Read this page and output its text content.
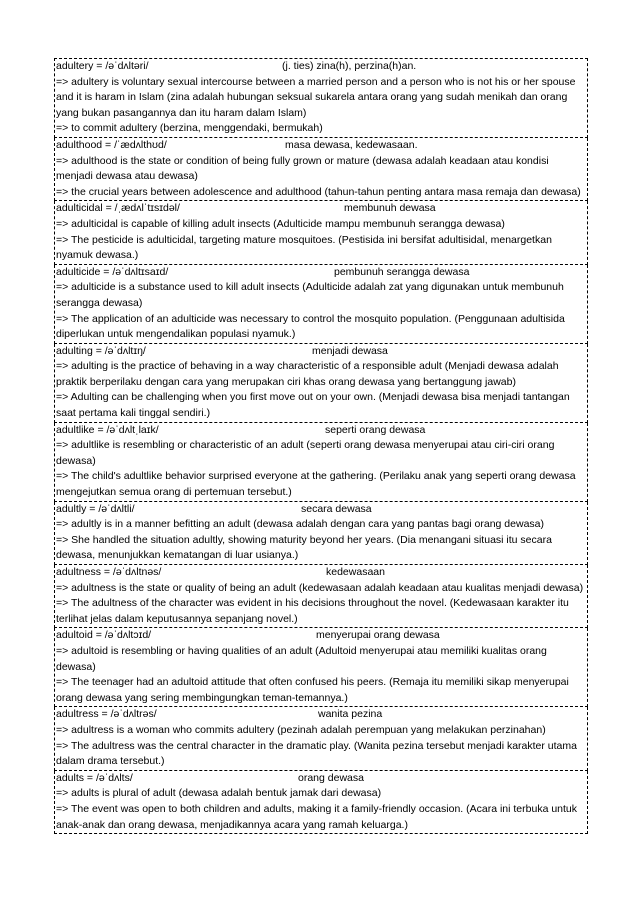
adultery = /əˈdʌltəri/	(j. ties) zina(h), perzina(h)an.
=> adultery is voluntary sexual intercourse between a married person and a person who is not his or her spouse and it is haram in Islam (zina adalah hubungan seksual sukarela antara orang yang sudah menikah dan orang yang bukan pasangannya dan itu haram dalam Islam)
=> to commit adultery (berzina, menggendaki, bermukah)
adulthood = /ˈædʌlthʊd/	masa dewasa, kedewasaan.
=> adulthood is the state or condition of being fully grown or mature (dewasa adalah keadaan atau kondisi menjadi dewasa atau dewasa)
=> the crucial years between adolescence and adulthood (tahun-tahun penting antara masa remaja dan dewasa)
adulticidal = /ˌædʌlˈtɪsɪdəl/	membunuh dewasa
=> adulticidal is capable of killing adult insects (Adulticide mampu membunuh serangga dewasa)
=> The pesticide is adulticidal, targeting mature mosquitoes. (Pestisida ini bersifat adultisidal, menargetkan nyamuk dewasa.)
adulticide = /əˈdʌltɪsaɪd/	pembunuh serangga dewasa
=> adulticide is a substance used to kill adult insects (Adulticide adalah zat yang digunakan untuk membunuh serangga dewasa)
=> The application of an adulticide was necessary to control the mosquito population. (Penggunaan adultisida diperlukan untuk mengendalikan populasi nyamuk.)
adulting = /əˈdʌltɪŋ/	menjadi dewasa
=> adulting is the practice of behaving in a way characteristic of a responsible adult (Menjadi dewasa adalah praktik berperilaku dengan cara yang merupakan ciri khas orang dewasa yang bertanggung jawab)
=> Adulting can be challenging when you first move out on your own. (Menjadi dewasa bisa menjadi tantangan saat pertama kali tinggal sendiri.)
adultlike = /əˈdʌltˌlaɪk/	seperti orang dewasa
=> adultlike is resembling or characteristic of an adult (seperti orang dewasa menyerupai atau ciri-ciri orang dewasa)
=> The child's adultlike behavior surprised everyone at the gathering. (Perilaku anak yang seperti orang dewasa mengejutkan semua orang di pertemuan tersebut.)
adultly = /əˈdʌltli/	secara dewasa
=> adultly is in a manner befitting an adult (dewasa adalah dengan cara yang pantas bagi orang dewasa)
=> She handled the situation adultly, showing maturity beyond her years. (Dia menangani situasi itu secara dewasa, menunjukkan kematangan di luar usianya.)
adultness = /əˈdʌltnəs/	kedewasaan
=> adultness is the state or quality of being an adult (kedewasaan adalah keadaan atau kualitas menjadi dewasa)
=> The adultness of the character was evident in his decisions throughout the novel. (Kedewasaan karakter itu terlihat jelas dalam keputusannya sepanjang novel.)
adultoid = /əˈdʌltɔɪd/	menyerupai orang dewasa
=> adultoid is resembling or having qualities of an adult (Adultoid menyerupai atau memiliki kualitas orang dewasa)
=> The teenager had an adultoid attitude that often confused his peers. (Remaja itu memiliki sikap menyerupai orang dewasa yang sering membingungkan teman-temannya.)
adultress = /əˈdʌltrəs/	wanita pezina
=> adultress is a woman who commits adultery (pezinah adalah perempuan yang melakukan perzinahan)
=> The adultress was the central character in the dramatic play. (Wanita pezina tersebut menjadi karakter utama dalam drama tersebut.)
adults = /əˈdʌlts/	orang dewasa
=> adults is plural of adult (dewasa adalah bentuk jamak dari dewasa)
=> The event was open to both children and adults, making it a family-friendly occasion. (Acara ini terbuka untuk anak-anak dan orang dewasa, menjadikannya acara yang ramah keluarga.)
